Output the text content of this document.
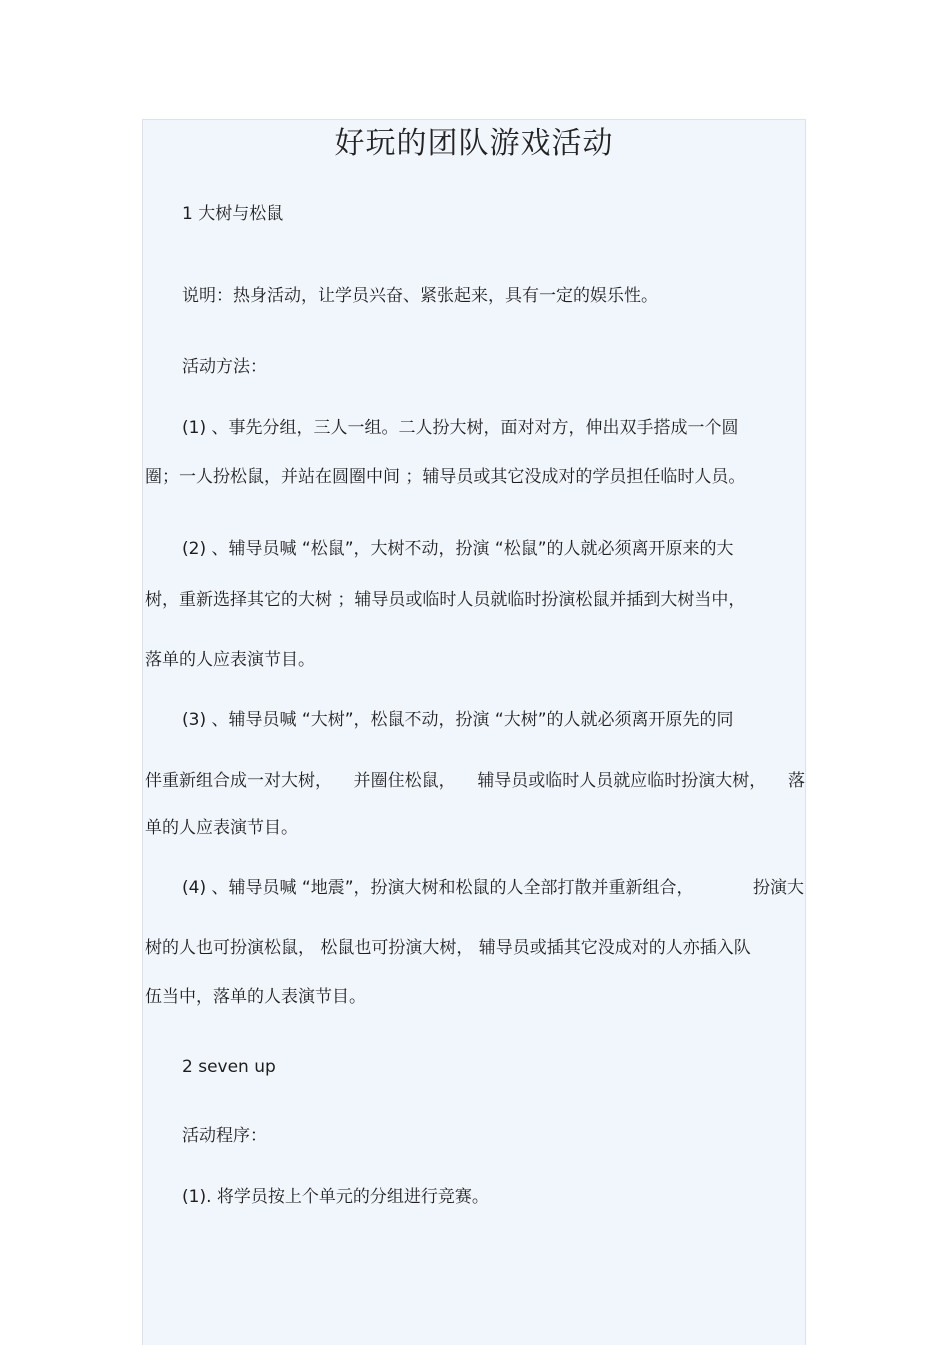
好玩的团队游戏活动
1 大树与松鼠
说明：热身活动，让学员兴奋、紧张起来，具有一定的娱乐性。
活动方法：
(1) 、事先分组，三人一组。二人扮大树，面对对方，伸出双手搭成一个圆
圈；一人扮松鼠，并站在圆圈中间 ；辅导员或其它没成对的学员担任临时人员。
(2) 、辅导员喊 “松鼠”，大树不动，扮演 “松鼠”的人就必须离开原来的大
树，重新选择其它的大树 ；辅导员或临时人员就临时扮演松鼠并插到大树当中，
落单的人应表演节目。
(3) 、辅导员喊 “大树”，松鼠不动，扮演 “大树”的人就必须离开原先的同
伴重新组合成一对大树， 并圈住松鼠， 辅导员或临时人员就应临时扮演大树， 落
单的人应表演节目。
(4) 、辅导员喊 “地震”，扮演大树和松鼠的人全部打散并重新组合，	扮演大
树的人也可扮演松鼠， 松鼠也可扮演大树， 辅导员或插其它没成对的人亦插入队
伍当中，落单的人表演节目。
2 seven up
活动程序：
(1). 将学员按上个单元的分组进行竞赛。
